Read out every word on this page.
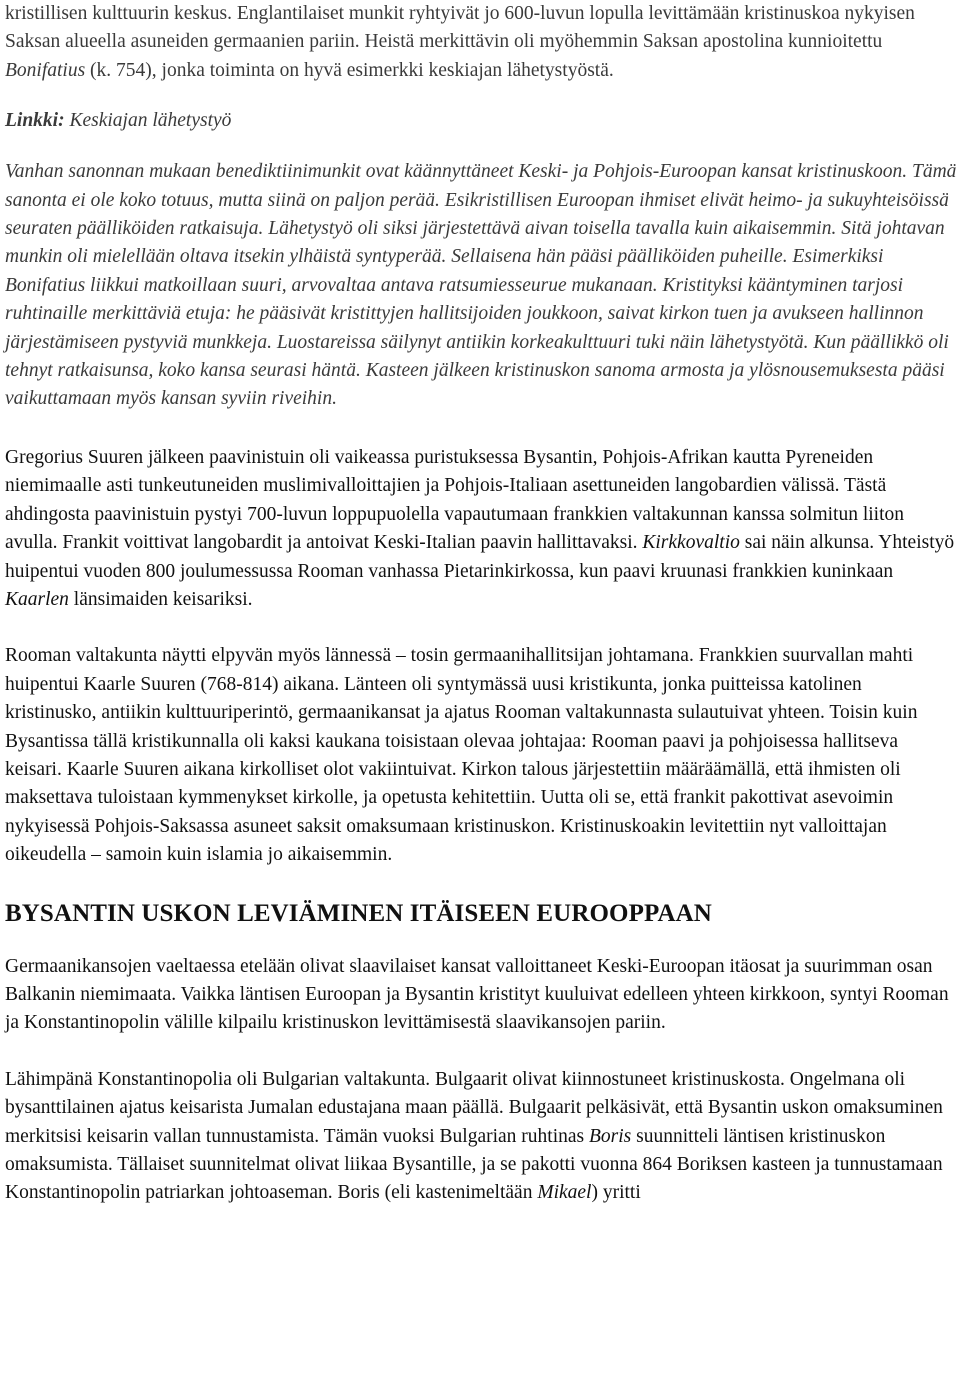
kristillisen kulttuurin keskus. Englantilaiset munkit ryhtyivät jo 600-luvun lopulla levittämään kristinuskoa nykyisen Saksan alueella asuneiden germaanien pariin. Heistä merkittävin oli myöhemmin Saksan apostolina kunnioitettu Bonifatius (k. 754), jonka toiminta on hyvä esimerkki keskiajan lähetystyöstä.

Linkki: Keskiajan lähetystyö

Vanhan sanonnan mukaan benediktiinimunkit ovat käännyttäneet Keski- ja Pohjois-Euroopan kansat kristinuskoon. Tämä sanonta ei ole koko totuus, mutta siinä on paljon perää. Esikristillisen Euroopan ihmiset elivät heimo- ja sukuyhteisöissä seuraten päälliköiden ratkaisuja. Lähetystyö oli siksi järjestettävä aivan toisella tavalla kuin aikaisemmin. Sitä johtavan munkin oli mielellään oltava itsekin ylhäistä syntyperää. Sellaisena hän pääsi päälliköiden puheille. Esimerkiksi Bonifatius liikkui matkoillaan suuri, arvovaltaa antava ratsumiesseurue mukanaan. Kristityksi kääntyminen tarjosi ruhtinaille merkittäviä etuja: he pääsivät kristittyjen hallitsijoiden joukkoon, saivat kirkon tuen ja avukseen hallinnon järjestämiseen pystyviä munkkeja. Luostareissa säilynyt antiikin korkeakulttuuri tuki näin lähetystyötä. Kun päällikkö oli tehnyt ratkaisunsa, koko kansa seurasi häntä. Kasteen jälkeen kristinuskon sanoma armosta ja ylösnousemuksesta pääsi vaikuttamaan myös kansan syviin riveihin.

Gregorius Suuren jälkeen paavinistuin oli vaikeassa puristuksessa Bysantin, Pohjois-Afrikan kautta Pyreneiden niemimaalle asti tunkeutuneiden muslimivalloittajien ja Pohjois-Italiaan asettuneiden langobardien välissä. Tästä ahdingosta paavinistuin pystyi 700-luvun loppupuolella vapautumaan frankkien valtakunnan kanssa solmitun liiton avulla. Frankit voittivat langobardit ja antoivat Keski-Italian paavin hallittavaksi. Kirkkovaltio sai näin alkunsa. Yhteistyö huipentui vuoden 800 joulumessussa Rooman vanhassa Pietarinkirkossa, kun paavi kruunasi frankkien kuninkaan Kaarlen länsimaiden keisariksi.

Rooman valtakunta näytti elpyvän myös lännessä – tosin germaanihallitsijan johtamana. Frankkien suurvallan mahti huipentui Kaarle Suuren (768-814) aikana. Länteen oli syntymässä uusi kristikunta, jonka puitteissa katolinen kristinusko, antiikin kulttuuriperintö, germaanikansat ja ajatus Rooman valtakunnasta sulautuivat yhteen. Toisin kuin Bysantissa tällä kristikunnalla oli kaksi kaukana toisistaan olevaa johtajaa: Rooman paavi ja pohjoisessa hallitseva keisari. Kaarle Suuren aikana kirkolliset olot vakiintuivat. Kirkon talous järjestettiin määräämällä, että ihmisten oli maksettava tuloistaan kymmenykset kirkolle, ja opetusta kehitettiin. Uutta oli se, että frankit pakottivat asevoimin nykyisessä Pohjois-Saksassa asuneet saksit omaksumaan kristinuskon. Kristinuskoakin levitettiin nyt valloittajan oikeudella – samoin kuin islamia jo aikaisemmin.

BYSANTIN USKON LEVIÄMINEN ITÄISEEN EUROOPPAAN

Germaanikansojen vaeltaessa etelään olivat slaavilaiset kansat valloittaneet Keski-Euroopan itäosat ja suurimman osan Balkanin niemimaata. Vaikka läntisen Euroopan ja Bysantin kristityt kuuluivat edelleen yhteen kirkkoon, syntyi Rooman ja Konstantinopolin välille kilpailu kristinuskon levittämisestä slaavikansojen pariin.

Lähimpänä Konstantinopolia oli Bulgarian valtakunta. Bulgaarit olivat kiinnostuneet kristinuskosta. Ongelmana oli bysanttilainen ajatus keisarista Jumalan edustajana maan päällä. Bulgaarit pelkäsivät, että Bysantin uskon omaksuminen merkitsisi keisarin vallan tunnustamista. Tämän vuoksi Bulgarian ruhtinas Boris suunnitteli läntisen kristinuskon omaksumista. Tällaiset suunnitelmat olivat liikaa Bysantille, ja se pakotti vuonna 864 Boriksen kasteen ja tunnustamaan Konstantinopolin patriarkan johtoaseman. Boris (eli kastenimeltään Mikael) yritti
